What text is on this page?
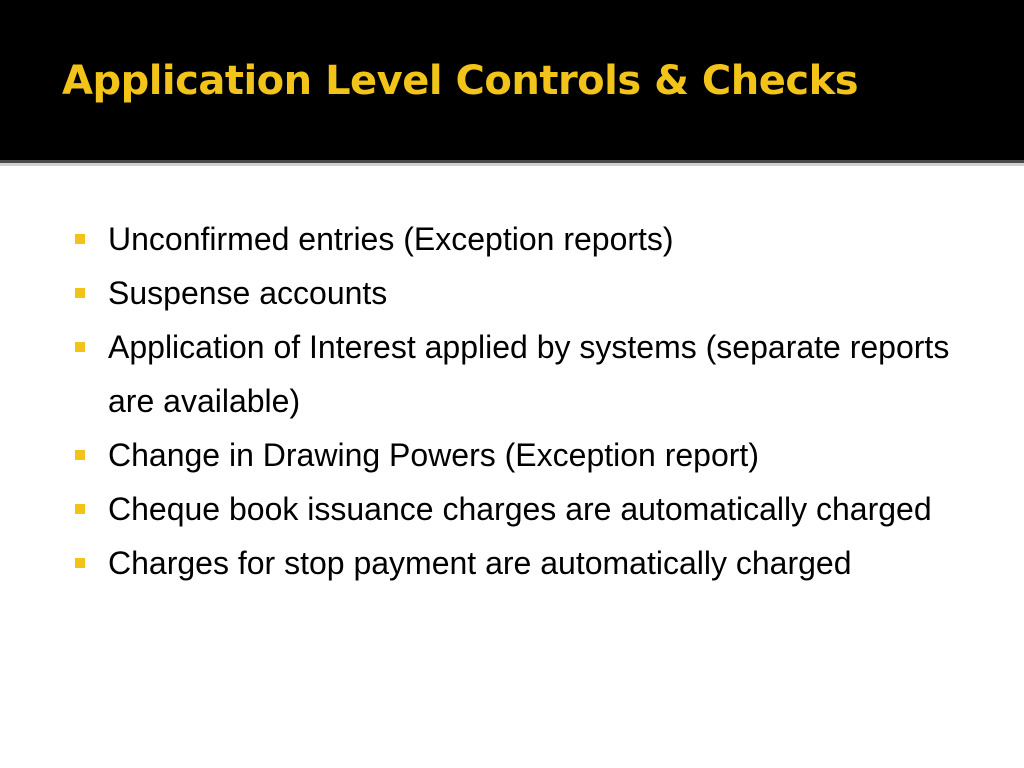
Application Level Controls & Checks
Unconfirmed entries (Exception reports)
Suspense accounts
Application of Interest applied by systems (separate reports are available)
Change in Drawing Powers (Exception report)
Cheque book issuance charges are automatically charged
Charges for stop payment are automatically charged
